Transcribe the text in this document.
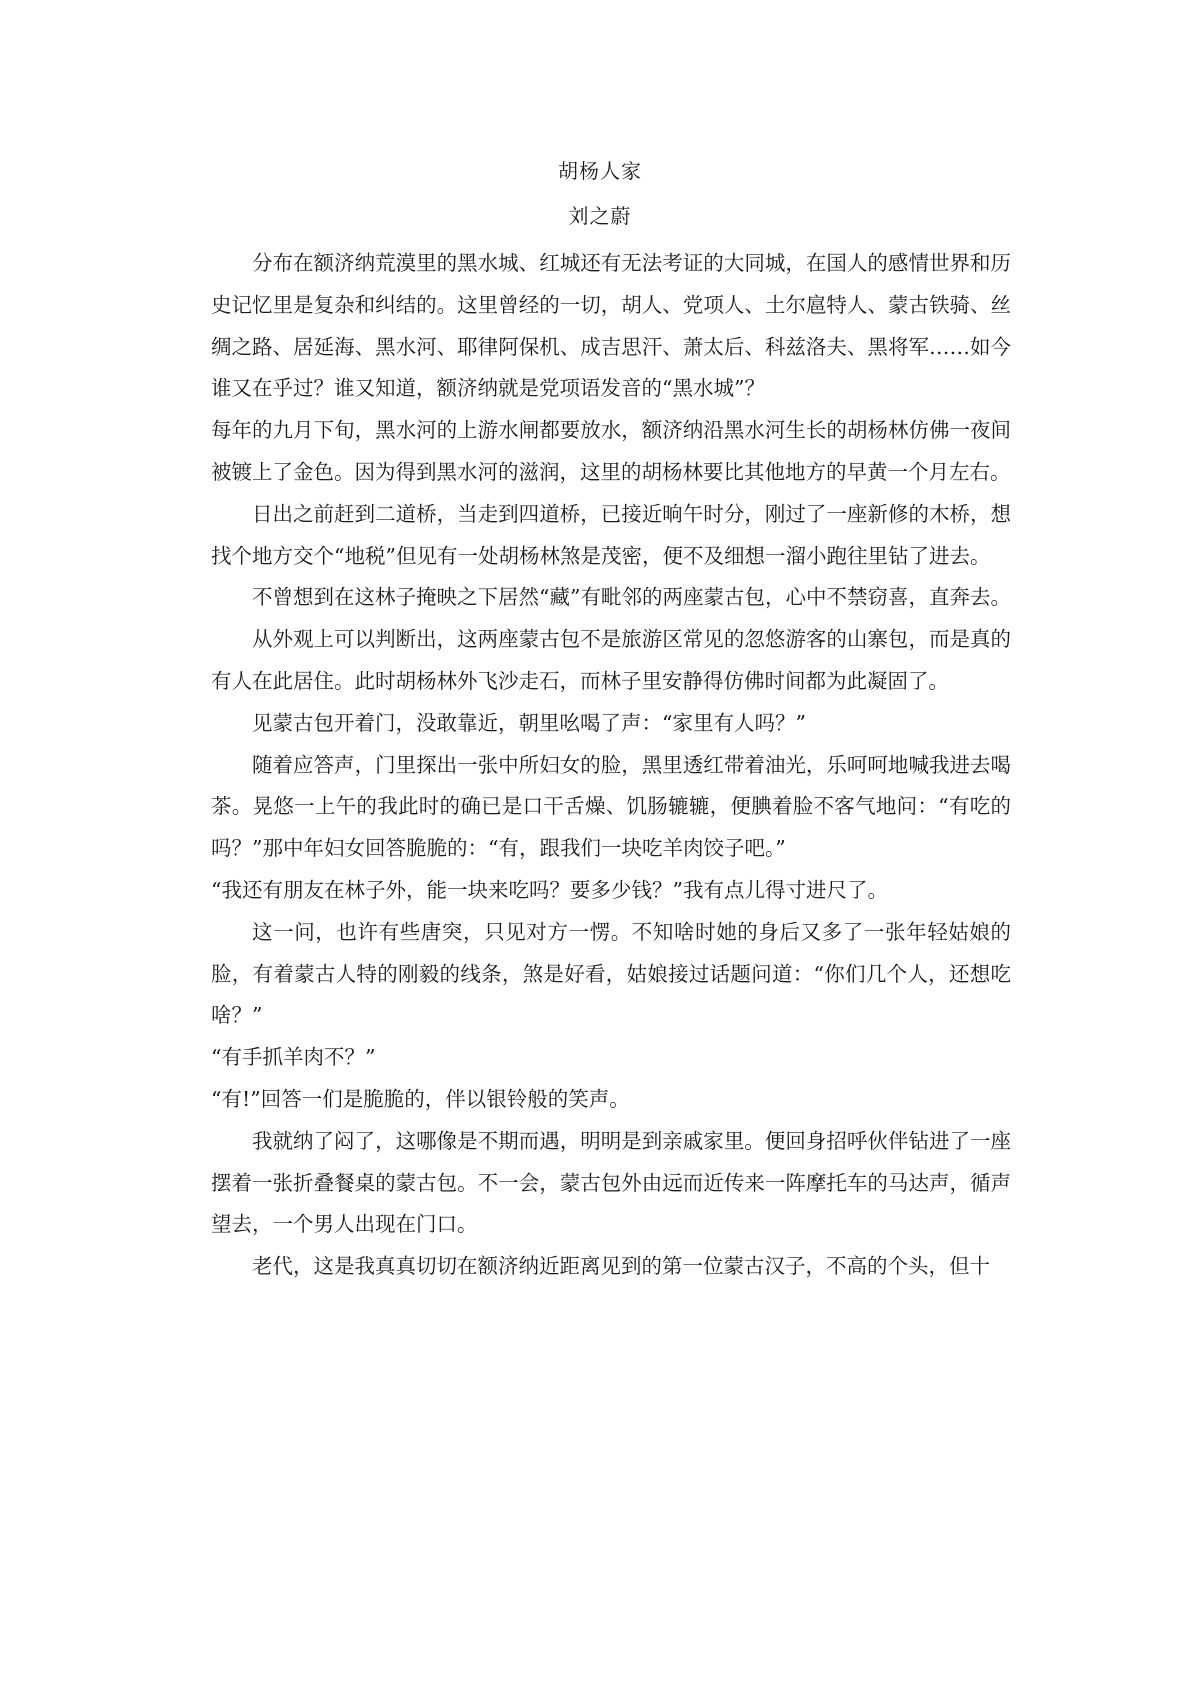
胡杨人家
刘之蔚

分布在额济纳荒漠里的黑水城、红城还有无法考证的大同城，在国人的感情世界和历史记忆里是复杂和纠结的。这里曾经的一切，胡人、党项人、土尔扈特人、蒙古铁骑、丝绸之路、居延海、黑水河、耶律阿保机、成吉思汗、萧太后、科兹洛夫、黑将军……如今谁又在乎过？谁又知道，额济纳就是党项语发音的“黑水城”？

每年的九月下旬，黑水河的上游水闸都要放水，额济纳沿黑水河生长的胡杨林仿佛一夜间被镀上了金色。因为得到黑水河的滋润，这里的胡杨林要比其他地方的早黄一个月左右。

日出之前赶到二道桥，当走到四道桥，已接近晌午时分，刚过了一座新修的木桥，想找个地方交个“地税”但见有一处胡杨林煞是茂密，便不及细想一溜小跑往里钻了进去。

不曾想到在这林子掩映之下居然“藏”有毗邻的两座蒙古包，心中不禁窃喜，直奔去。

从外观上可以判断出，这两座蒙古包不是旅游区常见的忽悠游客的山寨包，而是真的有人在此居住。此时胡杨林外飞沙走石，而林子里安静得仿佛时间都为此凝固了。

见蒙古包开着门，没敢靠近，朝里吆喝了声：“家里有人吗？”

随着应答声，门里探出一张中所妇女的脸，黑里透红带着油光，乐呵呵地喊我进去喝茶。晃悠一上午的我此时的确已是口干舌燥、饥肠辘辘，便腆着脸不客气地问：“有吃的吗？”那中年妇女回答脆脆的：“有，跟我们一块吃羊肉饺子吧。”

“我还有朋友在林子外，能一块来吃吗？要多少钱？”我有点儿得寸进尺了。

这一问，也许有些唐突，只见对方一愣。不知啥时她的身后又多了一张年轻姑娘的脸，有着蒙古人特的刚毅的线条，煞是好看，姑娘接过话题问道：“你们几个人，还想吃啥？”

“有手抓羊肉不？”

“有!”回答一们是脆脆的，伴以银铃般的笑声。

我就纳了闷了，这哪像是不期而遇，明明是到亲戚家里。便回身招呼伙伴钻进了一座摆着一张折叠餐桌的蒙古包。不一会，蒙古包外由远而近传来一阵摩托车的马达声，循声望去，一个男人出现在门口。

老代，这是我真真切切在额济纳近距离见到的第一位蒙古汉子，不高的个头，但十
